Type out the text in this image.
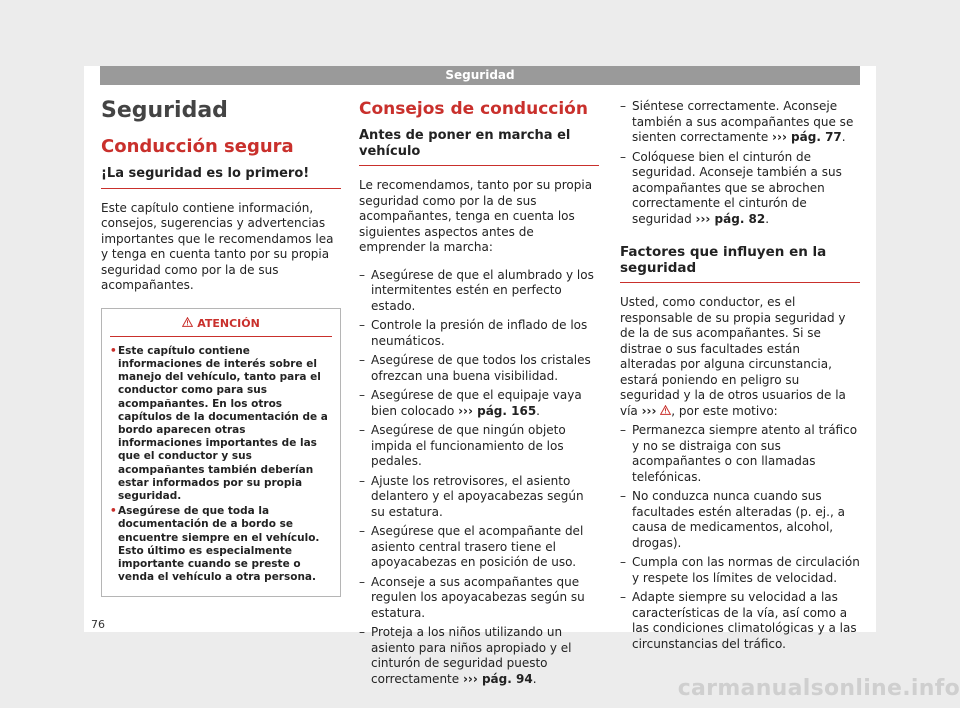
Seguridad
Seguridad
Conducción segura
¡La seguridad es lo primero!

Este capítulo contiene información, consejos, sugerencias y advertencias importantes que le recomendamos lea y tenga en cuenta tanto por su propia seguridad como por la de sus acompañantes.

ATENCIÓN
• Este capítulo contiene informaciones de interés sobre el manejo del vehículo, tanto para el conductor como para sus acompañantes. En los otros capítulos de la documentación de a bordo aparecen otras informaciones importantes de las que el conductor y sus acompañantes también deberían estar informados por su propia seguridad.
• Asegúrese de que toda la documentación de a bordo se encuentre siempre en el vehículo. Esto último es especialmente importante cuando se preste o venda el vehículo a otra persona.
Consejos de conducción
Antes de poner en marcha el vehículo

Le recomendamos, tanto por su propia seguridad como por la de sus acompañantes, tenga en cuenta los siguientes aspectos antes de emprender la marcha:

– Asegúrese de que el alumbrado y los intermitentes estén en perfecto estado.
– Controle la presión de inflado de los neumáticos.
– Asegúrese de que todos los cristales ofrezcan una buena visibilidad.
– Asegúrese de que el equipaje vaya bien colocado ››› pág. 165.
– Asegúrese de que ningún objeto impida el funcionamiento de los pedales.
– Ajuste los retrovisores, el asiento delantero y el apoyacabezas según su estatura.
– Asegúrese que el acompañante del asiento central trasero tiene el apoyacabezas en posición de uso.
– Aconseje a sus acompañantes que regulen los apoyacabezas según su estatura.
– Proteja a los niños utilizando un asiento para niños apropiado y el cinturón de seguridad puesto correctamente ››› pág. 94.
– Siéntese correctamente. Aconseje también a sus acompañantes que se sienten correctamente ››› pág. 77.
– Colóquese bien el cinturón de seguridad. Aconseje también a sus acompañantes que se abrochen correctamente el cinturón de seguridad ››› pág. 82.
Factores que influyen en la seguridad

Usted, como conductor, es el responsable de su propia seguridad y de la de sus acompañantes. Si se distrae o sus facultades están alteradas por alguna circunstancia, estará poniendo en peligro su seguridad y la de otros usuarios de la vía ››› , por este motivo:

– Permanezca siempre atento al tráfico y no se distraiga con sus acompañantes o con llamadas telefónicas.
– No conduzca nunca cuando sus facultades estén alteradas (p. ej., a causa de medicamentos, alcohol, drogas).
– Cumpla con las normas de circulación y respete los límites de velocidad.
– Adapte siempre su velocidad a las características de la vía, así como a las condiciones climatológicas y a las circunstancias del tráfico.
76
carmanualsonline.info
